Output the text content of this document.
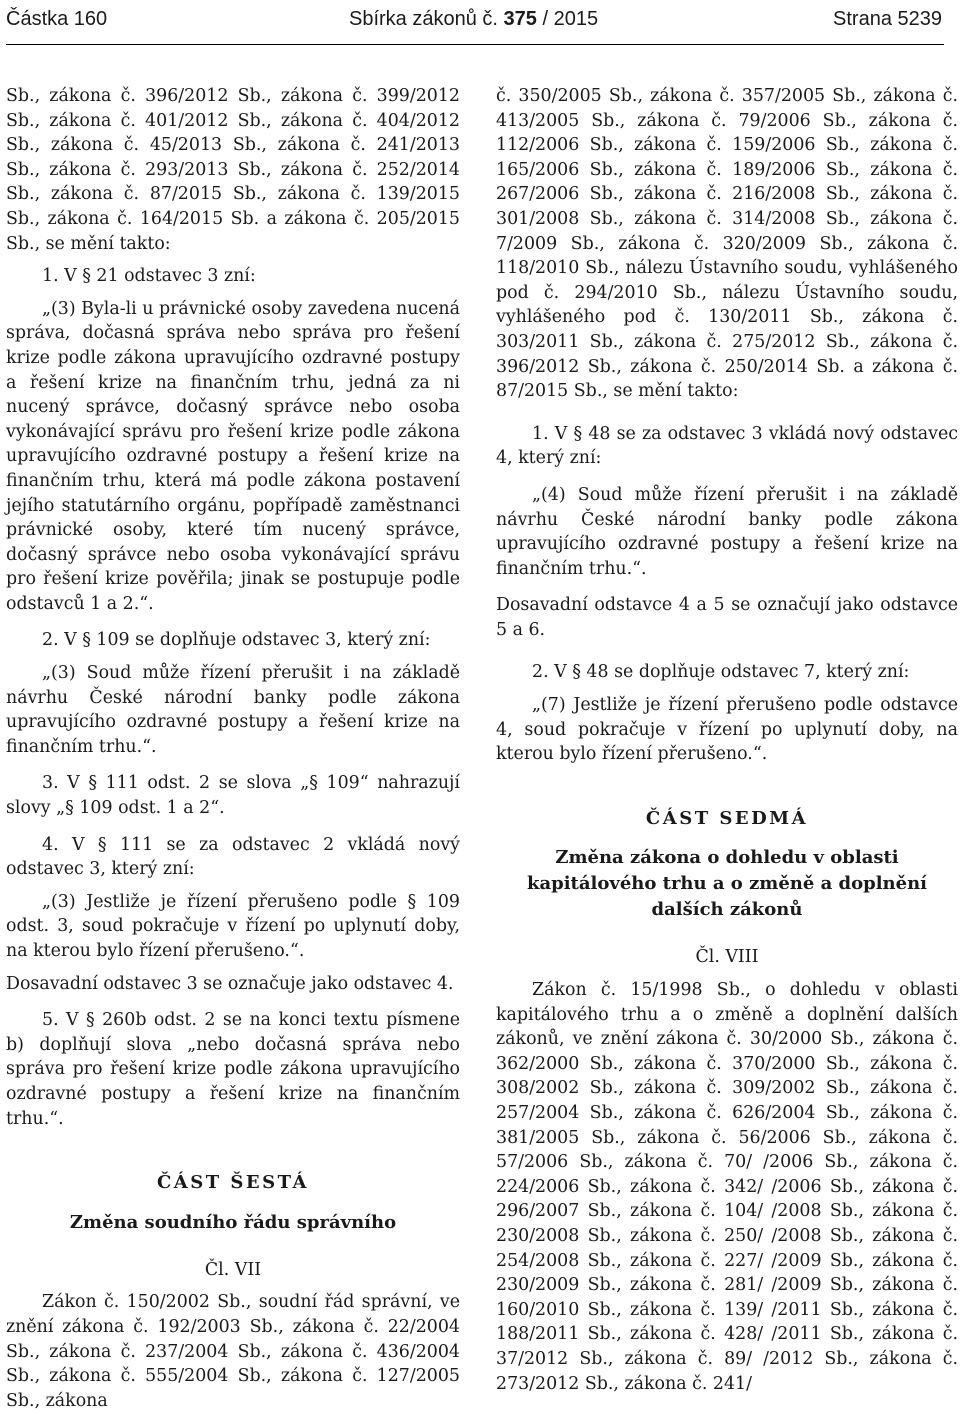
Částka 160	Sbírka zákonů č. 375 / 2015	Strana 5239

Sb., zákona č. 396/2012 Sb., zákona č. 399/2012 Sb., zákona č. 401/2012 Sb., zákona č. 404/2012 Sb., zákona č. 45/2013 Sb., zákona č. 241/2013 Sb., zákona č. 293/2013 Sb., zákona č. 252/2014 Sb., zákona č. 87/2015 Sb., zákona č. 139/2015 Sb., zákona č. 164/2015 Sb. a zákona č. 205/2015 Sb., se mění takto:

1. V § 21 odstavec 3 zní:

„(3) Byla-li u právnické osoby zavedena nucená správa, dočasná správa nebo správa pro řešení krize podle zákona upravujícího ozdravné postupy a řešení krize na finančním trhu, jedná za ni nucený správce, dočasný správce nebo osoba vykonávající správu pro řešení krize podle zákona upravujícího ozdravné postupy a řešení krize na finančním trhu, která má podle zákona postavení jejího statutárního orgánu, popřípadě zaměstnanci právnické osoby, které tím nucený správce, dočasný správce nebo osoba vykonávající správu pro řešení krize pověřila; jinak se postupuje podle odstavců 1 a 2.“.

2. V § 109 se doplňuje odstavec 3, který zní:

„(3) Soud může řízení přerušit i na základě návrhu České národní banky podle zákona upravujícího ozdravné postupy a řešení krize na finančním trhu.“.

3. V § 111 odst. 2 se slova „§ 109“ nahrazují slovy „§ 109 odst. 1 a 2“.

4. V § 111 se za odstavec 2 vkládá nový odstavec 3, který zní:

„(3) Jestliže je řízení přerušeno podle § 109 odst. 3, soud pokračuje v řízení po uplynutí doby, na kterou bylo řízení přerušeno.“.

Dosavadní odstavec 3 se označuje jako odstavec 4.

5. V § 260b odst. 2 se na konci textu písmene b) doplňují slova „nebo dočasná správa nebo správa pro řešení krize podle zákona upravujícího ozdravné postupy a řešení krize na finančním trhu.“.

ČÁST ŠESTÁ

Změna soudního řádu správního

Čl. VII

Zákon č. 150/2002 Sb., soudní řád správní, ve znění zákona č. 192/2003 Sb., zákona č. 22/2004 Sb., zákona č. 237/2004 Sb., zákona č. 436/2004 Sb., zákona č. 555/2004 Sb., zákona č. 127/2005 Sb., zákona

č. 350/2005 Sb., zákona č. 357/2005 Sb., zákona č. 413/2005 Sb., zákona č. 79/2006 Sb., zákona č. 112/2006 Sb., zákona č. 159/2006 Sb., zákona č. 165/2006 Sb., zákona č. 189/2006 Sb., zákona č. 267/2006 Sb., zákona č. 216/2008 Sb., zákona č. 301/2008 Sb., zákona č. 314/2008 Sb., zákona č. 7/2009 Sb., zákona č. 320/2009 Sb., zákona č. 118/2010 Sb., nálezu Ústavního soudu, vyhlášeného pod č. 294/2010 Sb., nálezu Ústavního soudu, vyhlášeného pod č. 130/2011 Sb., zákona č. 303/2011 Sb., zákona č. 275/2012 Sb., zákona č. 396/2012 Sb., zákona č. 250/2014 Sb. a zákona č. 87/2015 Sb., se mění takto:

1. V § 48 se za odstavec 3 vkládá nový odstavec 4, který zní:

„(4) Soud může řízení přerušit i na základě návrhu České národní banky podle zákona upravujícího ozdravné postupy a řešení krize na finančním trhu.“.

Dosavadní odstavce 4 a 5 se označují jako odstavce 5 a 6.

2. V § 48 se doplňuje odstavec 7, který zní:

„(7) Jestliže je řízení přerušeno podle odstavce 4, soud pokračuje v řízení po uplynutí doby, na kterou bylo řízení přerušeno.“.

ČÁST SEDMÁ

Změna zákona o dohledu v oblasti kapitálového trhu a o změně a doplnění dalších zákonů

Čl. VIII

Zákon č. 15/1998 Sb., o dohledu v oblasti kapitálového trhu a o změně a doplnění dalších zákonů, ve znění zákona č. 30/2000 Sb., zákona č. 362/2000 Sb., zákona č. 370/2000 Sb., zákona č. 308/2002 Sb., zákona č. 309/2002 Sb., zákona č. 257/2004 Sb., zákona č. 626/2004 Sb., zákona č. 381/2005 Sb., zákona č. 56/2006 Sb., zákona č. 57/2006 Sb., zákona č. 70/ /2006 Sb., zákona č. 224/2006 Sb., zákona č. 342/ /2006 Sb., zákona č. 296/2007 Sb., zákona č. 104/ /2008 Sb., zákona č. 230/2008 Sb., zákona č. 250/ /2008 Sb., zákona č. 254/2008 Sb., zákona č. 227/ /2009 Sb., zákona č. 230/2009 Sb., zákona č. 281/ /2009 Sb., zákona č. 160/2010 Sb., zákona č. 139/ /2011 Sb., zákona č. 188/2011 Sb., zákona č. 428/ /2011 Sb., zákona č. 37/2012 Sb., zákona č. 89/ /2012 Sb., zákona č. 273/2012 Sb., zákona č. 241/
